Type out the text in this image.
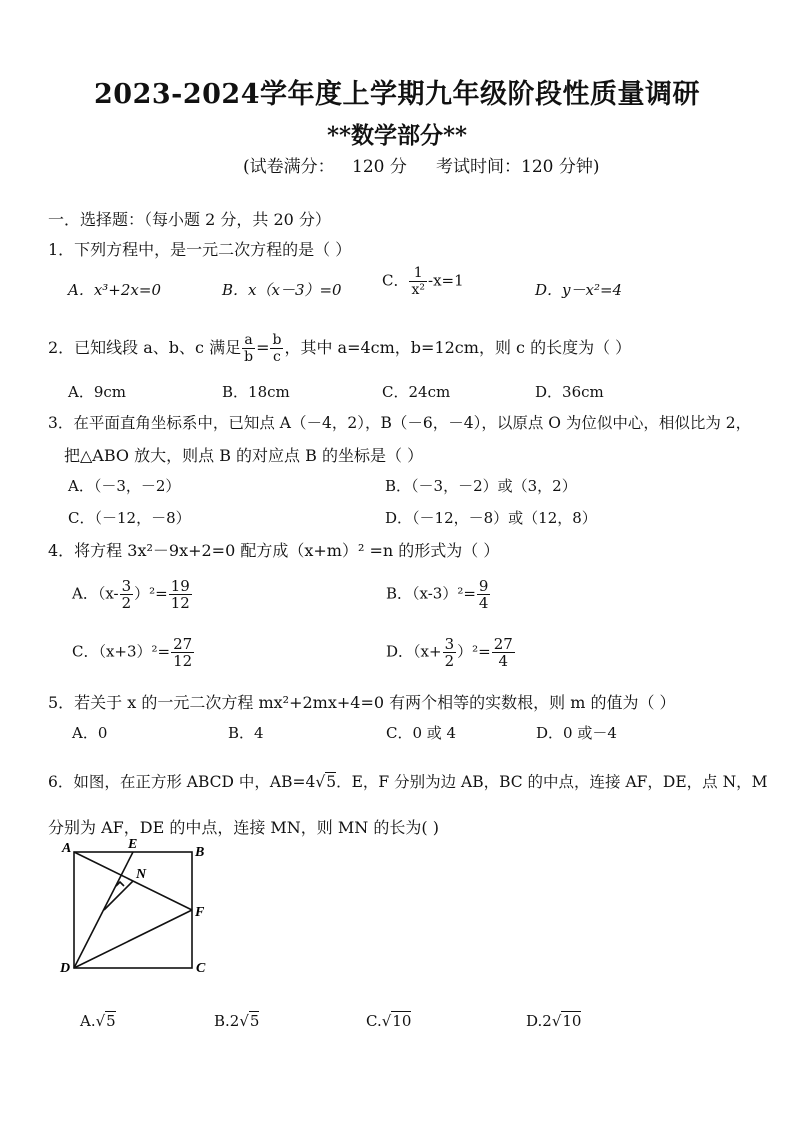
2023-2024学年度上学期九年级阶段性质量调研
**数学部分**
(试卷满分： 120 分 考试时间：120 分钟)
一．选择题：（每小题 2 分，共 20 分）
1．下列方程中，是一元二次方程的是（ ）
A．x³+2x=0	B．x（x－3）=0
C． $\frac{1}{\text{x²}} -x=1$
D．y－x²=4
2．已知线段 a、b、c 满足 $\frac{a}{b} = \frac{b}{c}$ ，其中 a=4cm，b=12cm，则 c 的长度为（ ）
A．9cm	B．18cm	C．24cm	D．36cm
3．在平面直角坐标系中，已知点 A（－4，2），B（－6，－4），以原点 O 为位似中心，相似比为 2，
把△ABO 放大，则点 B 的对应点 B 的坐标是（ ）
A．（－3，－2）	B．（－3，－2）或（3，2）
C．（－12，－8）	D．（－12，－8）或（12，8）
4．将方程 3x²－9x+2=0 配方成（x+m）² =n 的形式为（ ）
A．$(x- \frac{3}{2} )^2= \frac{19}{12}$	B．$(x-3)^2= \frac{9}{4}$
C．$(x+3)^2= \frac{27}{12}$	D．$(x+ \frac{3}{2} )^2= \frac{27}{4}$
5．若关于 x 的一元二次方程 mx²+2mx+4=0 有两个相等的实数根，则 m 的值为（ ）
A．0	B．4	C．0 或 4	D．0 或－4
6．如图，在正方形 ABCD 中，AB=4√5．E，F 分别为边 AB，BC 的中点，连接 AF，DE，点 N，M
分别为 AF，DE 的中点，连接 MN，则 MN 的长为( )
A	E
B
N
F
D	C
A.√5	B.2√5	C.√10	D.2√10
